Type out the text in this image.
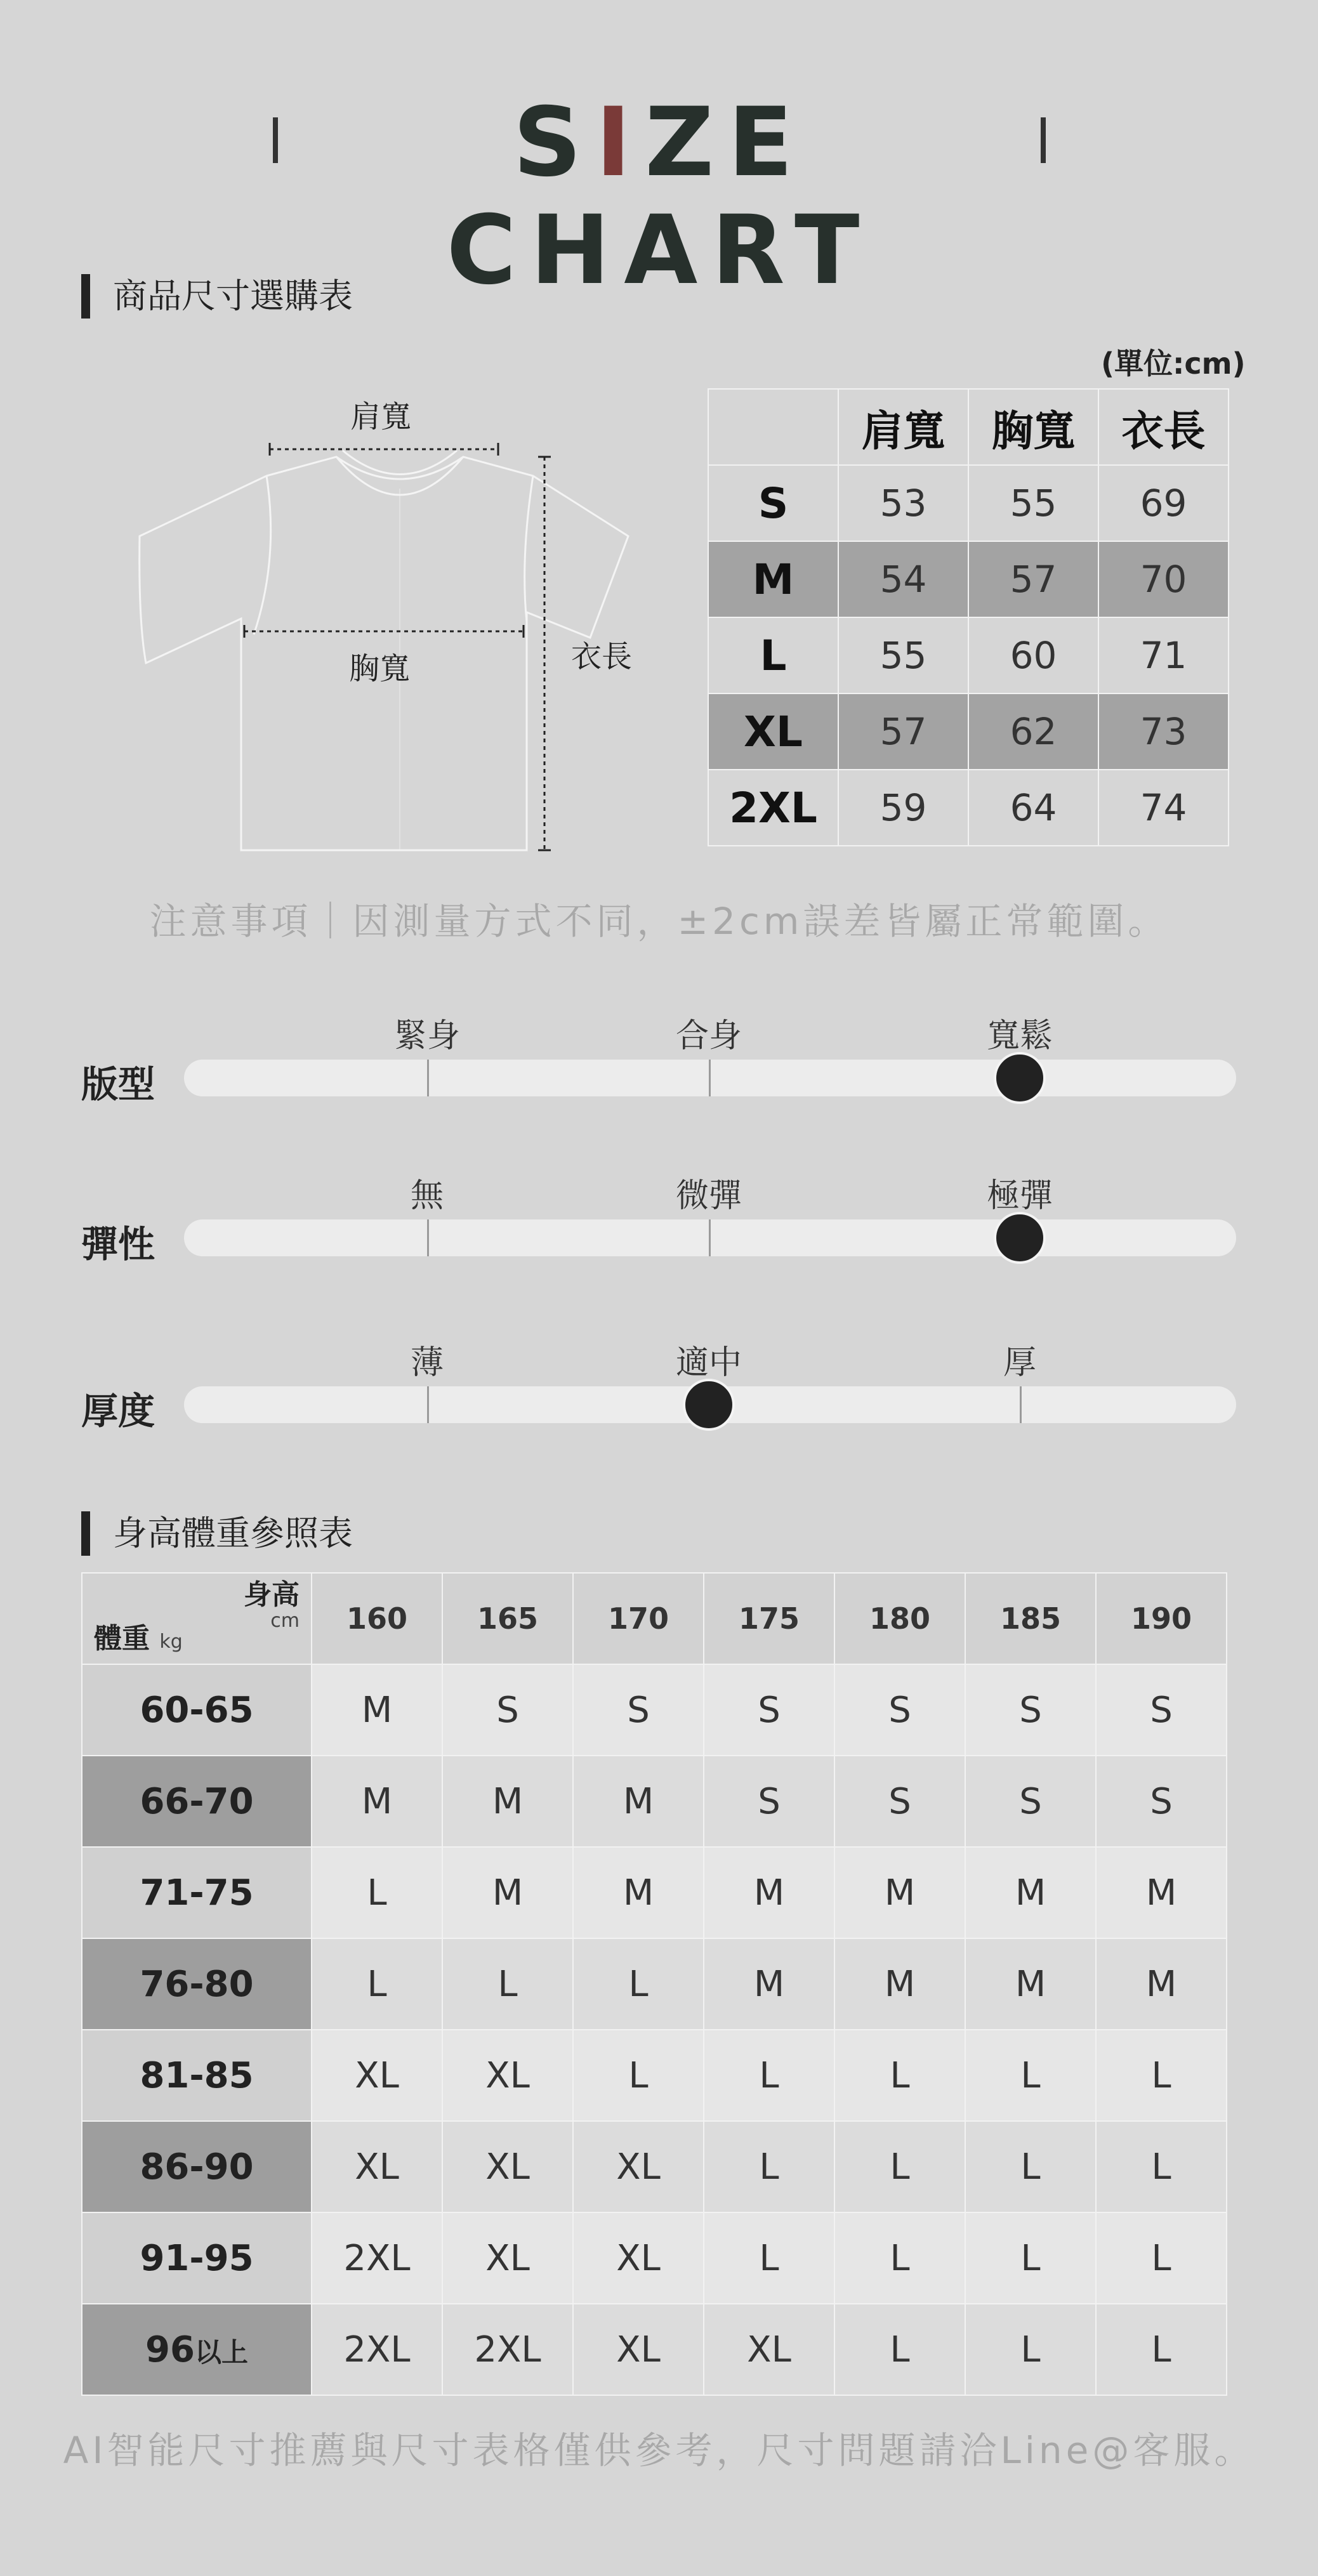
SIZE CHART
商品尺寸選購表
(單位:cm)
肩寬
胸寬	衣長
	肩寬	胸寬	衣長
S	53	55	69
M	54	57	70
L	55	60	71
XL	57	62	73
2XL	59	64	74
注意事項｜因測量方式不同，±2cm誤差皆屬正常範圍。
版型
緊身	合身	寬鬆
彈性
無	微彈	極彈
厚度
薄	適中	厚
身高體重參照表
身高
cm
體重 kg	160	165	170	175	180	185	190
60-65	M	S	S	S	S	S	S
66-70	M	M	M	S	S	S	S
71-75	L	M	M	M	M	M	M
76-80	L	L	L	M	M	M	M
81-85	XL	XL	L	L	L	L	L
86-90	XL	XL	XL	L	L	L	L
91-95	2XL	XL	XL	L	L	L	L
96以上	2XL	2XL	XL	XL	L	L	L
AI智能尺寸推薦與尺寸表格僅供參考，尺寸問題請洽Line@客服。
